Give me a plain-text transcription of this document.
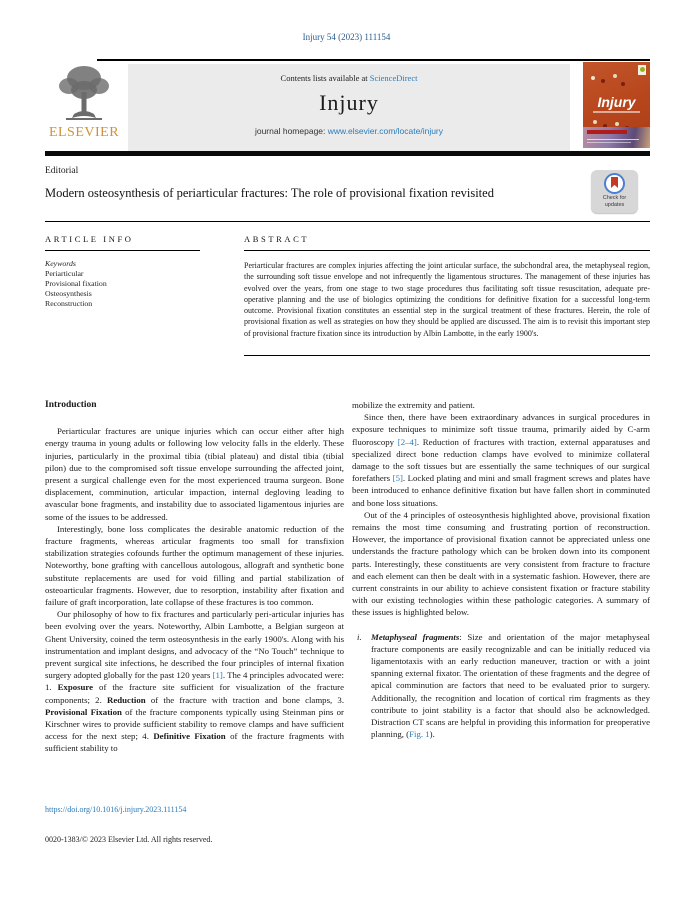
Injury 54 (2023) 111154
ELSEVIER
Contents lists available at ScienceDirect
Injury
journal homepage: www.elsevier.com/locate/injury
Injury
Editorial
Modern osteosynthesis of periarticular fractures: The role of provisional fixation revisited	Check for updates
ARTICLE INFO	ABSTRACT
Keywords
Periarticular
Provisional fixation
Osteosynthesis
Reconstruction
Periarticular fractures are complex injuries affecting the joint articular surface, the subchondral area, the metaphyseal region, the surrounding soft tissue envelope and not infrequently the ligamentous structures. The management of these injuries has evolved over the years, from one stage to two stage procedures thus facilitating soft tissue resuscitation, adequate pre-operative planning and the use of biologics optimizing the conditions for definitive fixation for a successful long-term outcome. Provisional fixation constitutes an essential step in the surgical treatment of these fractures. Herein, the role of provisional fixation as well as strategies on how they should be applied are discussed. The aim is to revisit this important step of provisional fracture fixation since its introduction by Albin Lambotte, in the early 1900's.
Introduction

Periarticular fractures are unique injuries which can occur either after high energy trauma in young adults or following low velocity falls in the elderly. These injuries, particularly in the proximal tibia (tibial plateau) and distal tibia (tibial pilon) due to the compromised soft tissue envelope surrounding the affected joint, present a surgical challenge even for the most experienced trauma surgeon. Bone displacement, comminution, articular impaction, internal degloving leading to avascular bone fragments, and instability due to associated ligamentous injuries are some of the issues to be addressed.

Interestingly, bone loss complicates the desirable anatomic reduction of the fracture fragments, whereas articular fragments too small for transfixion stabilization strategies cofounds further the optimum management of these injuries. Noteworthy, bone grafting with cancellous autologous, allograft and synthetic bone substitute replacements are used for void filling and partial stabilization of osteoarticular fragments. However, due to resorption, instability after fixation and failure of graft incorporation, late collapse of these fractures is too common.

Our philosophy of how to fix fractures and particularly peri-articular injuries has been evolving over the years. Noteworthy, Albin Lambotte, a Belgian surgeon at Ghent University, coined the term osteosynthesis in the early 1900's. Along with his instrumentation and implant designs, and advocacy of the “No Touch” technique to prevent surgical site infections, he described the four principles of internal fixation surgery adopted globally for the past 120 years [1]. The 4 principles advocated were: 1. Exposure of the fracture site sufficient for visualization of the fracture components; 2. Reduction of the fracture with traction and bone clamps, 3. Provisional Fixation of the fracture components typically using Steinman pins or Kirschner wires to provide sufficient stability to remove clamps and have sufficient access for the next step; 4. Definitive Fixation of the fracture fragments with sufficient stability to

mobilize the extremity and patient.

Since then, there have been extraordinary advances in surgical procedures in exposure techniques to minimize soft tissue trauma, primarily aided by C-arm fluoroscopy [2–4]. Reduction of fractures with traction, external apparatuses and specialized direct bone reduction clamps have evolved to minimize collateral damage to the soft tissues but are essentially the same techniques of our surgical forefathers [5]. Locked plating and mini and small fragment screws and plates have been introduced to enhance definitive fixation but have fallen short in comminuted and bone loss situations.

Out of the 4 principles of osteosynthesis highlighted above, provisional fixation remains the most time consuming and frustrating portion of reconstruction. However, the importance of provisional fixation cannot be appreciated unless one understands the fracture pathology which can be broken down into its component parts. Interestingly, these constituents are very consistent from fracture to fracture and each element can then be dealt with in a systematic fashion. However, there are current constraints in our ability to achieve consistent fixation or fracture stability with our existing technologies within these pathologic categories. A summary of these issues is highlighted below.

i. Metaphyseal fragments: Size and orientation of the major metaphyseal fracture components are easily recognizable and can be initially reduced via ligamentotaxis with an early reduction maneuver, traction or with a joint spanning external fixator. The orientation of these fragments and the degree of apical comminution are factors that need to be evaluated prior to surgery. Additionally, the recognition and location of cortical rim fragments as they contribute to joint stability is a factor that should also be acknowledged. Distraction CT scans are helpful in providing this information for preoperative planning, (Fig. 1).
https://doi.org/10.1016/j.injury.2023.111154
0020-1383/© 2023 Elsevier Ltd. All rights reserved.
